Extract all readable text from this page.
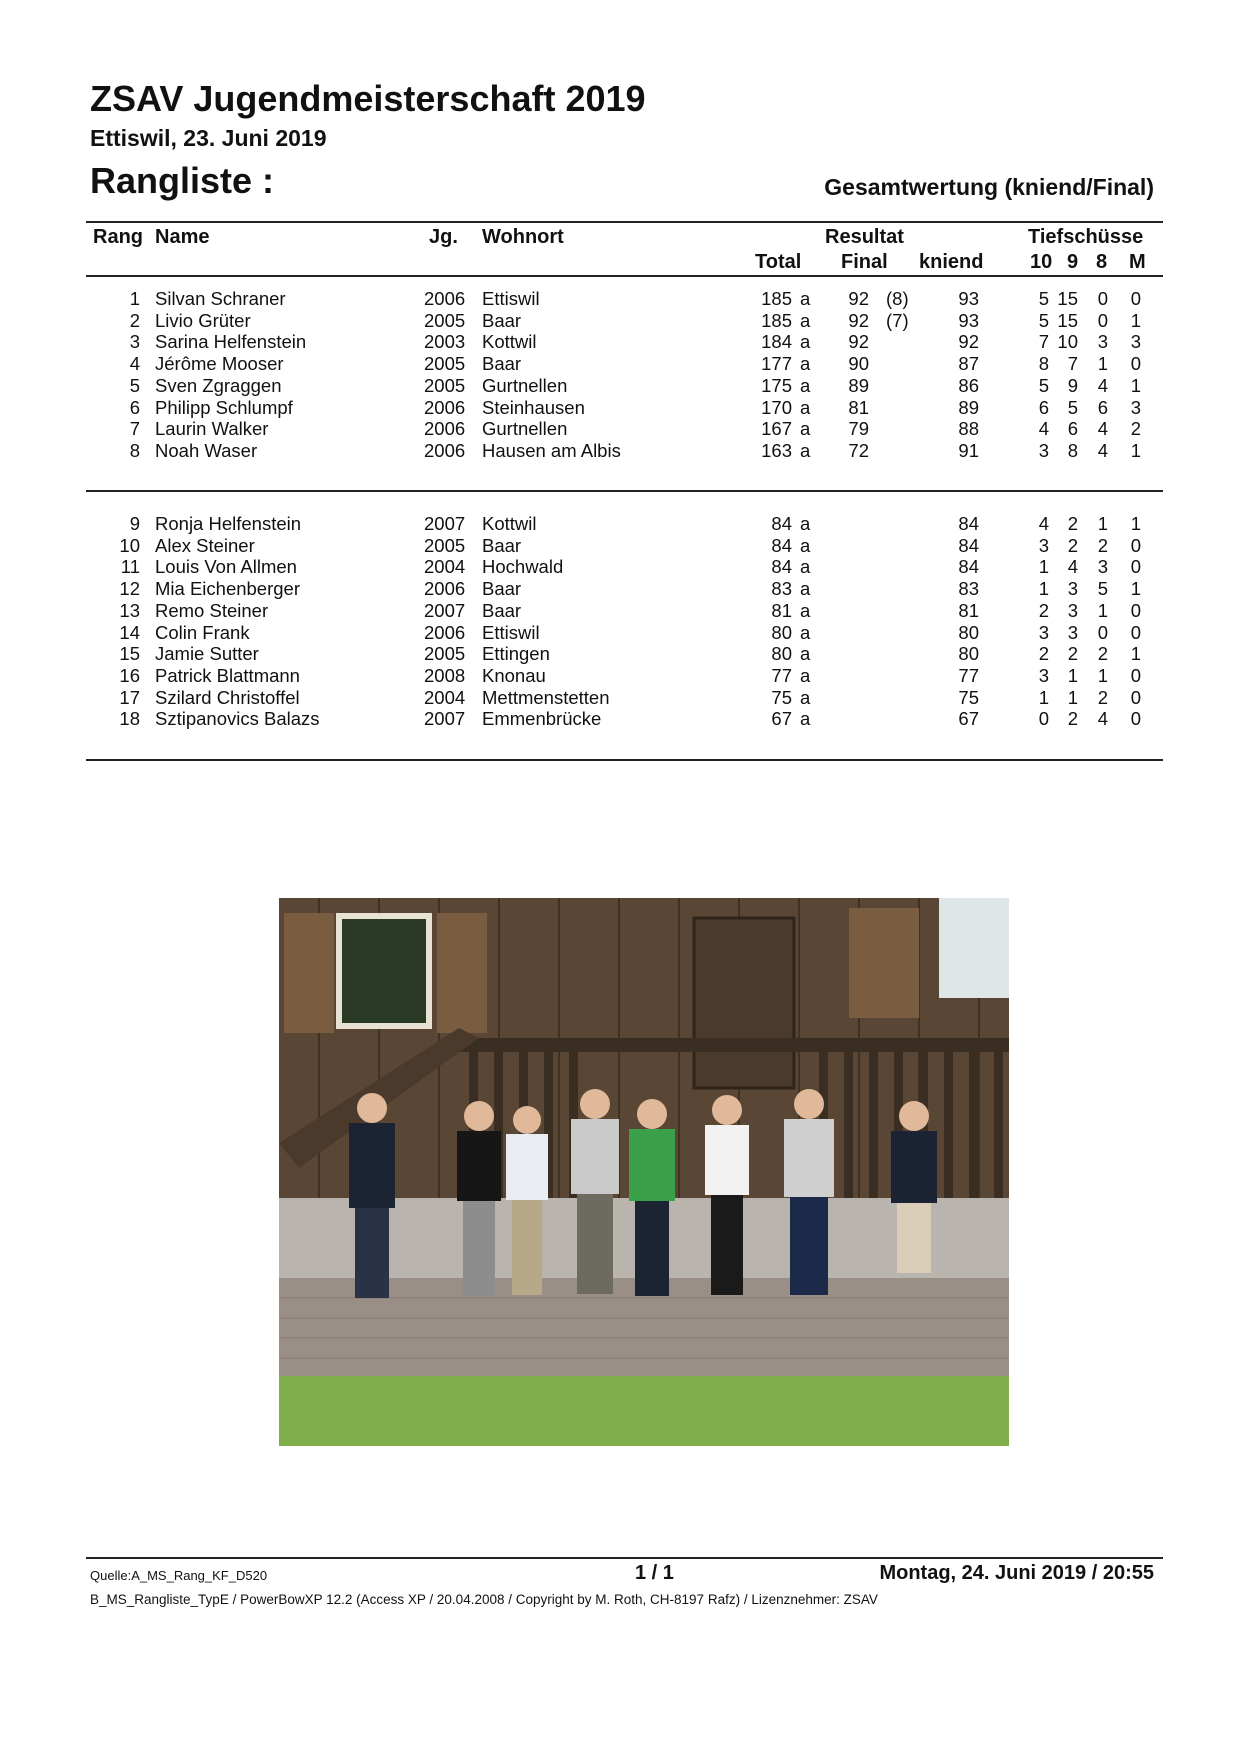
ZSAV Jugendmeisterschaft 2019
Ettiswil, 23. Juni 2019
Rangliste :	Gesamtwertung (kniend/Final)
Rang Name	Jg. Wohnort	Resultat	Tiefschüsse
Total Final kniend 10 9 8 M
1 Silvan Schraner	2006 Ettiswil	185 a 92 (8)	93	5 15 0 0
2 Livio Grüter	2005 Baar	185 a 92 (7)	93	5 15 0 1
3 Sarina Helfenstein	2003 Kottwil	184 a 92	92	7 10 3 3
4 Jérôme Mooser	2005 Baar	177 a 90	87	8 7 1 0
5 Sven Zgraggen	2005 Gurtnellen	175 a 89	86	5 9 4 1
6 Philipp Schlumpf	2006 Steinhausen	170 a 81	89	6 5 6 3
7 Laurin Walker	2006 Gurtnellen	167 a 79	88	4 6 4 2
8 Noah Waser	2006 Hausen am Albis	163 a 72	91	3 8 4 1
9 Ronja Helfenstein	2007 Kottwil	84 a	84	4 2 1 1
10 Alex Steiner	2005 Baar	84 a	84	3 2 2 0
11 Louis Von Allmen	2004 Hochwald	84 a	84	1 4 3 0
12 Mia Eichenberger	2006 Baar	83 a	83	1 3 5 1
13 Remo Steiner	2007 Baar	81 a	81	2 3 1 0
14 Colin Frank	2006 Ettiswil	80 a	80	3 3 0 0
15 Jamie Sutter	2005 Ettingen	80 a	80	2 2 2 1
16 Patrick Blattmann	2008 Knonau	77 a	77	3 1 1 0
17 Szilard Christoffel	2004 Mettmenstetten	75 a	75	1 1 2 0
18 Sztipanovics Balazs	2007 Emmenbrücke	67 a	67	0 2 4 0
Quelle:A_MS_Rang_KF_D520	1 / 1	Montag, 24. Juni 2019 / 20:55
B_MS_Rangliste_TypE / PowerBowXP 12.2 (Access XP / 20.04.2008 / Copyright by M. Roth, CH-8197 Rafz) / Lizenznehmer: ZSAV
